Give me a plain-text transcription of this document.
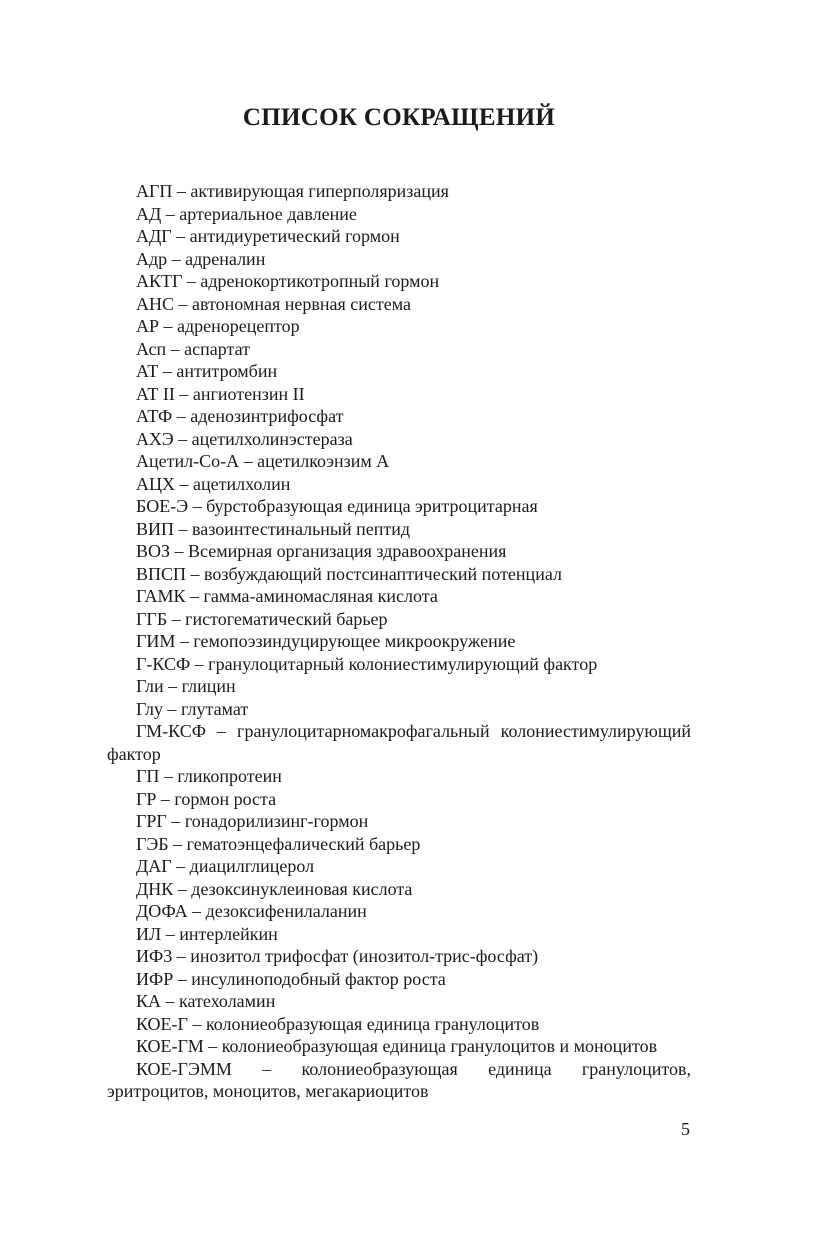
СПИСОК СОКРАЩЕНИЙ
АГП – активирующая гиперполяризация
АД – артериальное давление
АДГ – антидиуретический гормон
Адр – адреналин
АКТГ – адренокортикотропный гормон
АНС – автономная нервная система
АР – адренорецептор
Асп – аспартат
АТ – антитромбин
АТ II – ангиотензин II
АТФ – аденозинтрифосфат
АХЭ – ацетилхолинэстераза
Ацетил-Со-А – ацетилкоэнзим А
АЦХ – ацетилхолин
БОЕ-Э – бурстобразующая единица эритроцитарная
ВИП – вазоинтестинальный пептид
ВОЗ – Всемирная организация здравоохранения
ВПСП – возбуждающий постсинаптический потенциал
ГАМК – гамма-аминомасляная кислота
ГГБ – гистогематический барьер
ГИМ – гемопоэзиндуцирующее микроокружение
Г-КСФ – гранулоцитарный колониестимулирующий фактор
Гли – глицин
Глу – глутамат
ГМ-КСФ – гранулоцитарномакрофагальный колониестимулирующий фактор
ГП – гликопротеин
ГР – гормон роста
ГРГ – гонадорилизинг-гормон
ГЭБ – гематоэнцефалический барьер
ДАГ – диацилглицерол
ДНК – дезоксинуклеиновая кислота
ДОФА – дезоксифенилаланин
ИЛ – интерлейкин
ИФ3 – инозитол трифосфат (инозитол-трис-фосфат)
ИФР – инсулиноподобный фактор роста
КА – катехоламин
КОЕ-Г – колониеобразующая единица гранулоцитов
КОЕ-ГМ – колониеобразующая единица гранулоцитов и моноцитов
КОЕ-ГЭММ – колониеобразующая единица гранулоцитов, эритроцитов, моноцитов, мегакариоцитов
5
